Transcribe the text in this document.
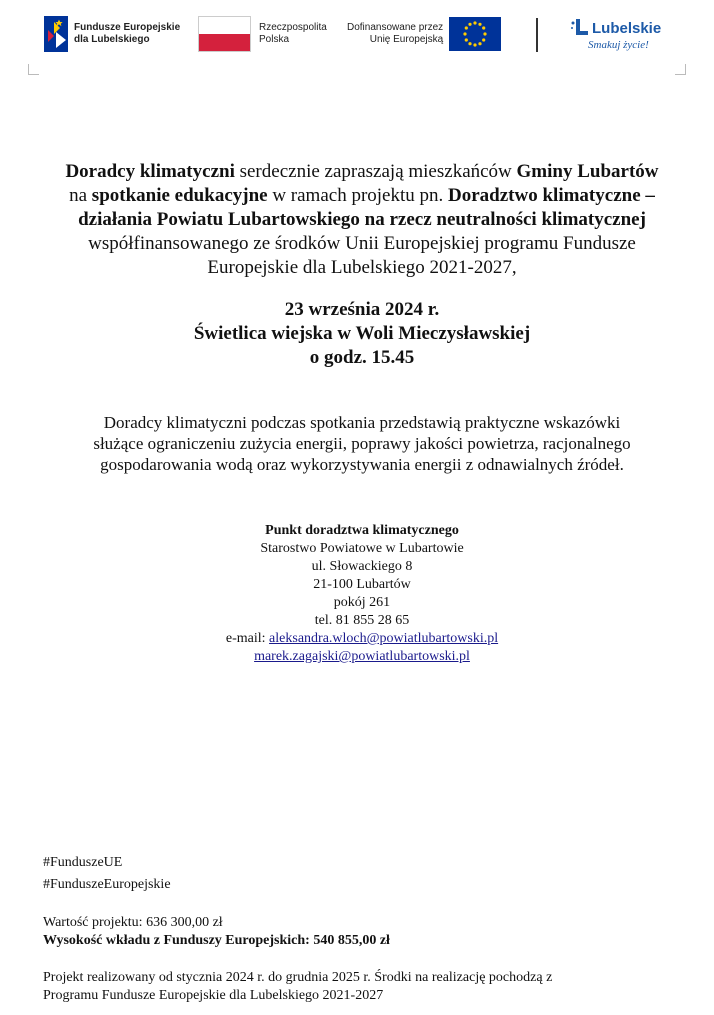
Fundusze Europejskie
dla Lubelskiego
Rzeczpospolita
Polska
Dofinansowane przez
Unię Europejską
Lubelskie
Smakuj życie!
Doradcy klimatyczni serdecznie zapraszają mieszkańców Gminy Lubartów
na spotkanie edukacyjne w ramach projektu pn. Doradztwo klimatyczne –
działania Powiatu Lubartowskiego na rzecz neutralności klimatycznej
współfinansowanego ze środków Unii Europejskiej programu Fundusze
Europejskie dla Lubelskiego 2021-2027,
23 września 2024 r.
Świetlica wiejska w Woli Mieczysławskiej
o godz. 15.45
Doradcy klimatyczni podczas spotkania przedstawią praktyczne wskazówki
służące ograniczeniu zużycia energii, poprawy jakości powietrza, racjonalnego
gospodarowania wodą oraz wykorzystywania energii z odnawialnych źródeł.
Punkt doradztwa klimatycznego
Starostwo Powiatowe w Lubartowie
ul. Słowackiego 8
21-100 Lubartów
pokój 261
tel. 81 855 28 65
e-mail: aleksandra.wloch@powiatlubartowski.pl
marek.zagajski@powiatlubartowski.pl
#FunduszeUE
#FunduszeEuropejskie
Wartość projektu: 636 300,00 zł
Wysokość wkładu z Funduszy Europejskich: 540 855,00 zł
Projekt realizowany od stycznia 2024 r. do grudnia 2025 r. Środki na realizację pochodzą z
Programu Fundusze Europejskie dla Lubelskiego 2021-2027
